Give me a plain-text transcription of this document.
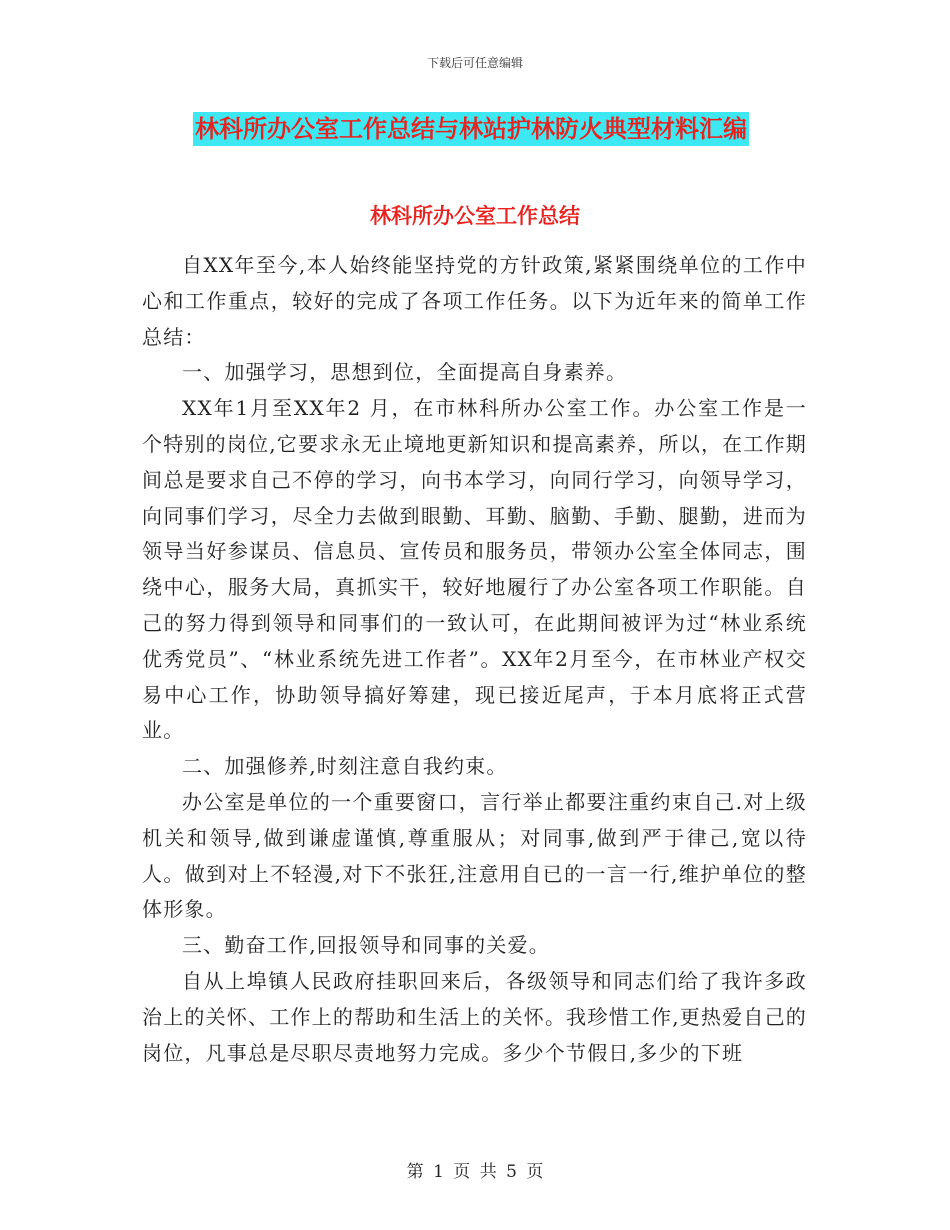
下载后可任意编辑
林科所办公室工作总结与林站护林防火典型材料汇编
林科所办公室工作总结

自XX年至今,本人始终能坚持党的方针政策,紧紧围绕单位的工作中心和工作重点，较好的完成了各项工作任务。以下为近年来的简单工作总结：

一、加强学习，思想到位，全面提高自身素养。

XX年1月至XX年2 月，在市林科所办公室工作。办公室工作是一个特别的岗位,它要求永无止境地更新知识和提高素养，所以，在工作期间总是要求自己不停的学习，向书本学习，向同行学习，向领导学习，向同事们学习，尽全力去做到眼勤、耳勤、脑勤、手勤、腿勤，进而为领导当好参谋员、信息员、宣传员和服务员，带领办公室全体同志，围绕中心，服务大局，真抓实干，较好地履行了办公室各项工作职能。自己的努力得到领导和同事们的一致认可，在此期间被评为过“林业系统优秀党员”、“林业系统先进工作者”。XX年2月至今，在市林业产权交易中心工作，协助领导搞好筹建，现已接近尾声，于本月底将正式营业。

二、加强修养,时刻注意自我约束。

办公室是单位的一个重要窗口，言行举止都要注重约束自己.对上级机关和领导,做到谦虚谨慎,尊重服从；对同事,做到严于律己,宽以待人。做到对上不轻漫,对下不张狂,注意用自已的一言一行,维护单位的整体形象。

三、勤奋工作,回报领导和同事的关爱。

自从上埠镇人民政府挂职回来后，各级领导和同志们给了我许多政治上的关怀、工作上的帮助和生活上的关怀。我珍惜工作,更热爱自己的岗位，凡事总是尽职尽责地努力完成。多少个节假日,多少的下班

第 1 页 共 5 页
